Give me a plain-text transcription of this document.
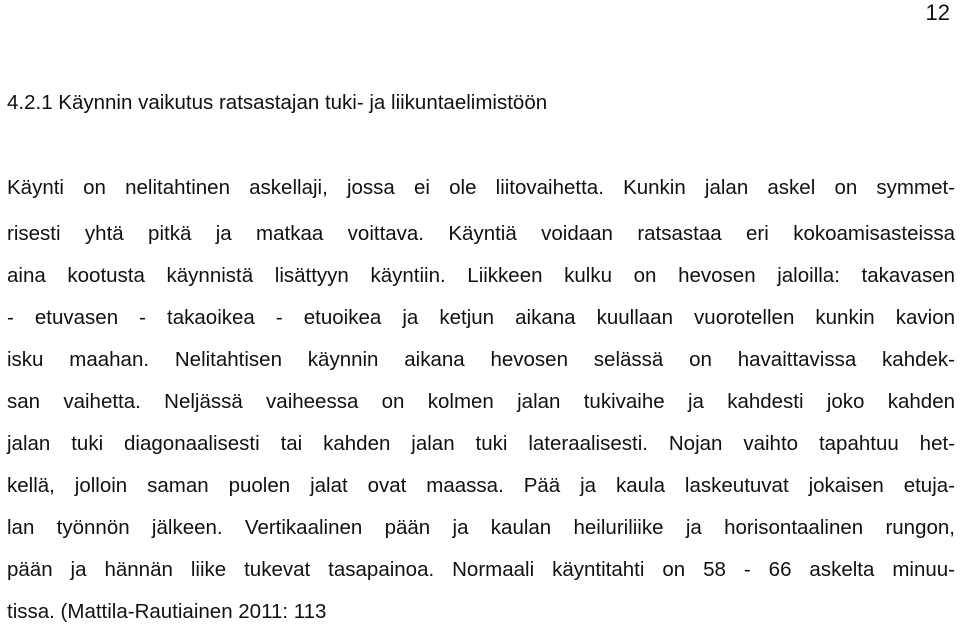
12

4.2.1 Käynnin vaikutus ratsastajan tuki- ja liikuntaelimistöön
Käynti on nelitahtinen askellaji, jossa ei ole liitovaihetta. Kunkin jalan askel on symmet-
risesti yhtä pitkä ja matkaa voittava. Käyntiä voidaan ratsastaa eri kokoamisasteissa
aina kootusta käynnistä lisättyyn käyntiin. Liikkeen kulku on hevosen jaloilla: takavasen
- etuvasen - takaoikea - etuoikea ja ketjun aikana kuullaan vuorotellen kunkin kavion
isku maahan. Nelitahtisen käynnin aikana hevosen selässä on havaittavissa kahdek-
san vaihetta. Neljässä vaiheessa on kolmen jalan tukivaihe ja kahdesti joko kahden
jalan tuki diagonaalisesti tai kahden jalan tuki lateraalisesti. Nojan vaihto tapahtuu het-
kellä, jolloin saman puolen jalat ovat maassa. Pää ja kaula laskeutuvat jokaisen etuja-
lan työnnön jälkeen. Vertikaalinen pään ja kaulan heiluriliike ja horisontaalinen rungon,
pään ja hännän liike tukevat tasapainoa. Normaali käyntitahti on 58 - 66 askelta minuu-
tissa. (Mattila-Rautiainen 2011: 113
